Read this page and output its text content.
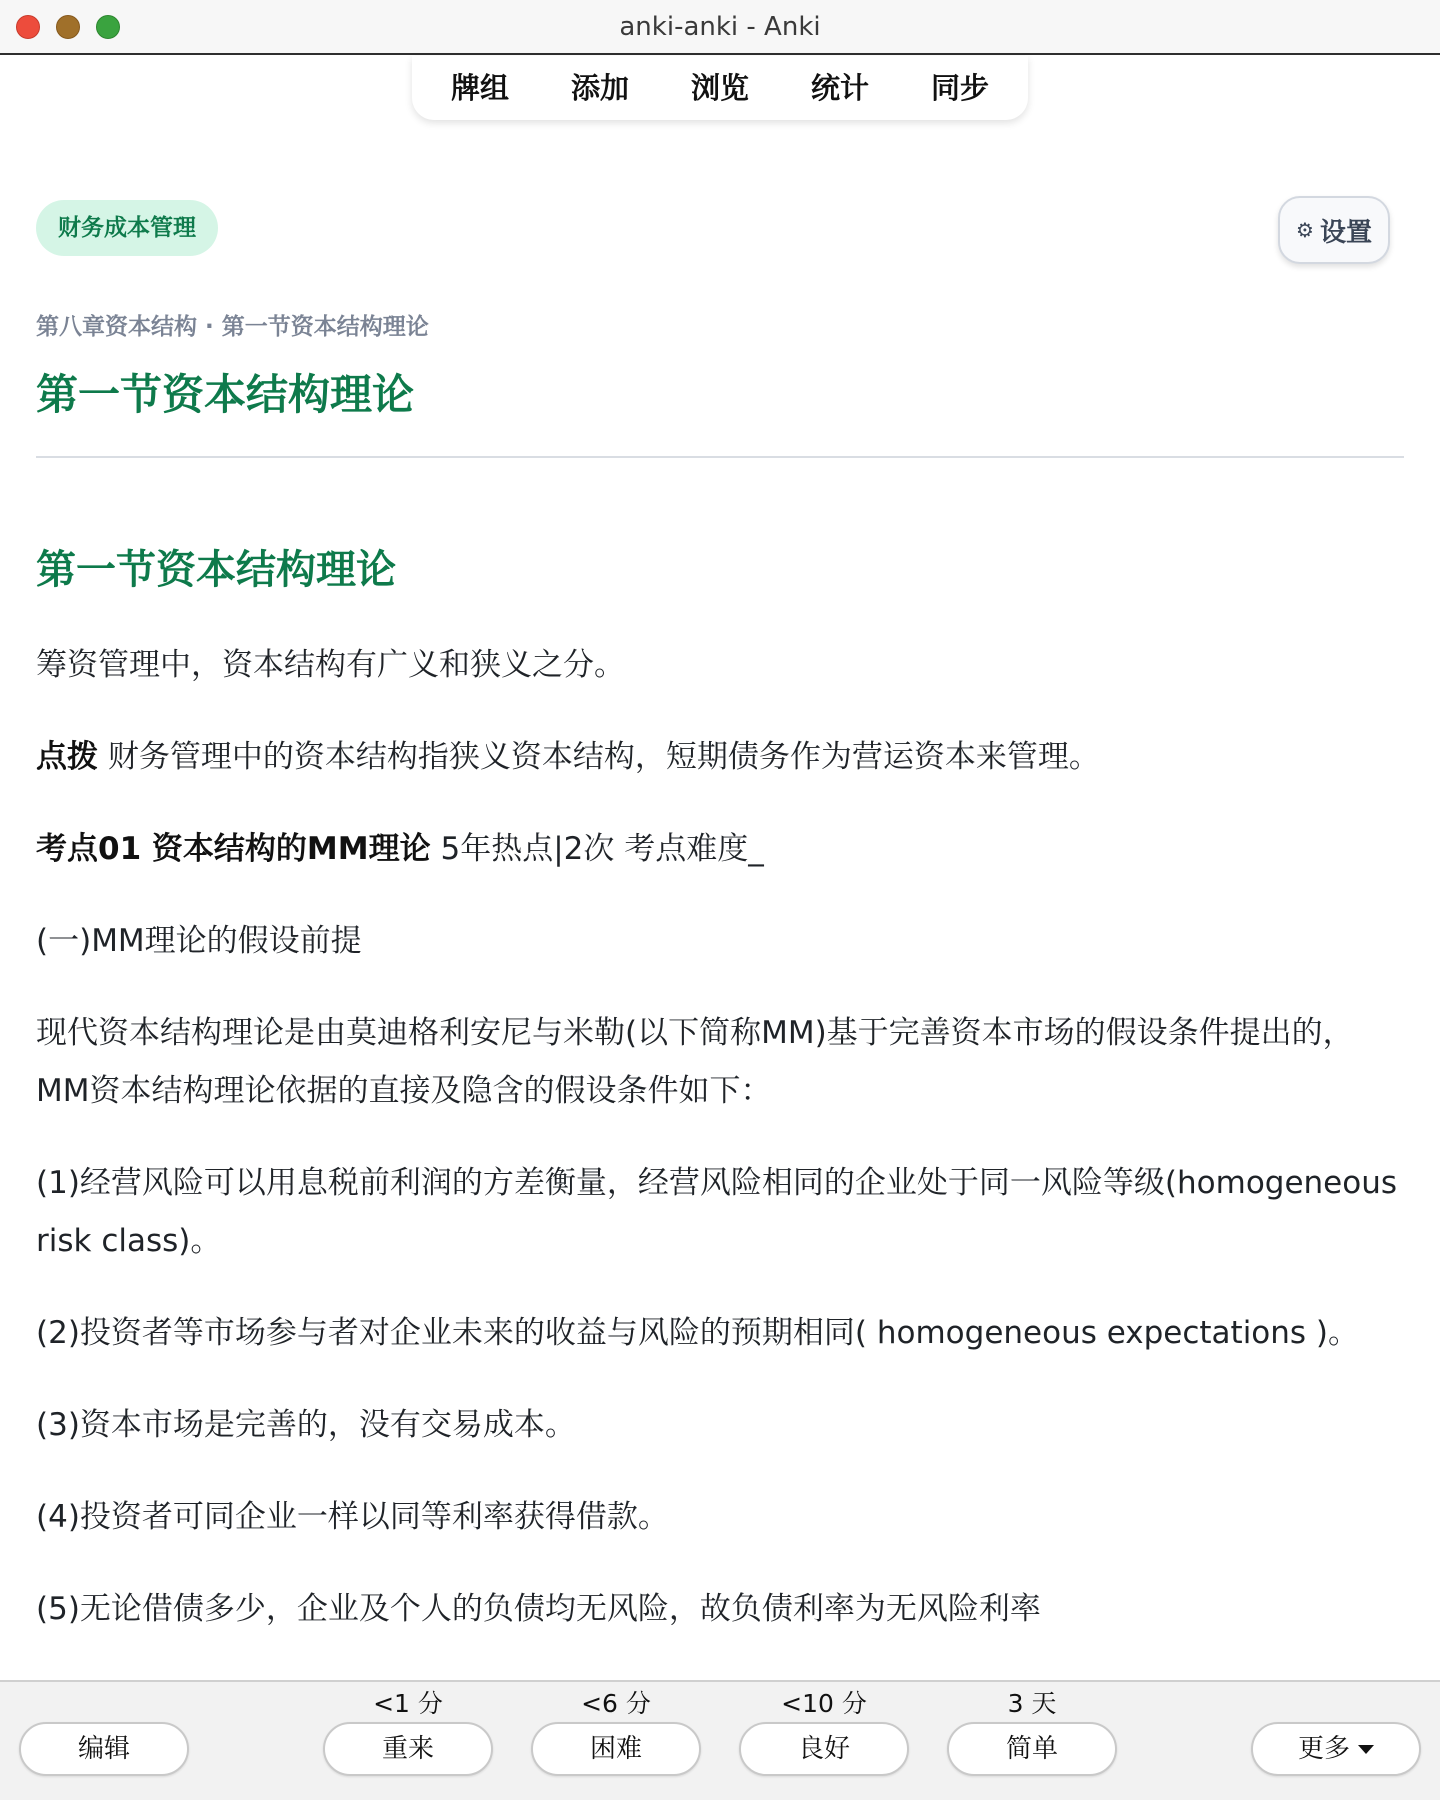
anki-anki - Anki
牌组	添加	浏览	统计	同步
财务成本管理	⚙ 设置
第八章资本结构 · 第一节资本结构理论
第一节资本结构理论
第一节资本结构理论

筹资管理中，资本结构有广义和狭义之分。

点拨 财务管理中的资本结构指狭义资本结构，短期债务作为营运资本来管理。

考点01 资本结构的MM理论 5年热点|2次 考点难度_

(一)MM理论的假设前提

现代资本结构理论是由莫迪格利安尼与米勒(以下简称MM)基于完善资本市场的假设条件提出的，MM资本结构理论依据的直接及隐含的假设条件如下：

(1)经营风险可以用息税前利润的方差衡量，经营风险相同的企业处于同一风险等级(homogeneous risk class)。

(2)投资者等市场参与者对企业未来的收益与风险的预期相同( homogeneous expectations )。

(3)资本市场是完善的，没有交易成本。

(4)投资者可同企业一样以同等利率获得借款。

(5)无论借债多少，企业及个人的负债均无风险，故负债利率为无风险利率

编辑
<1 分
重来
<6 分
困难
<10 分
良好
3 天
简单	更多
